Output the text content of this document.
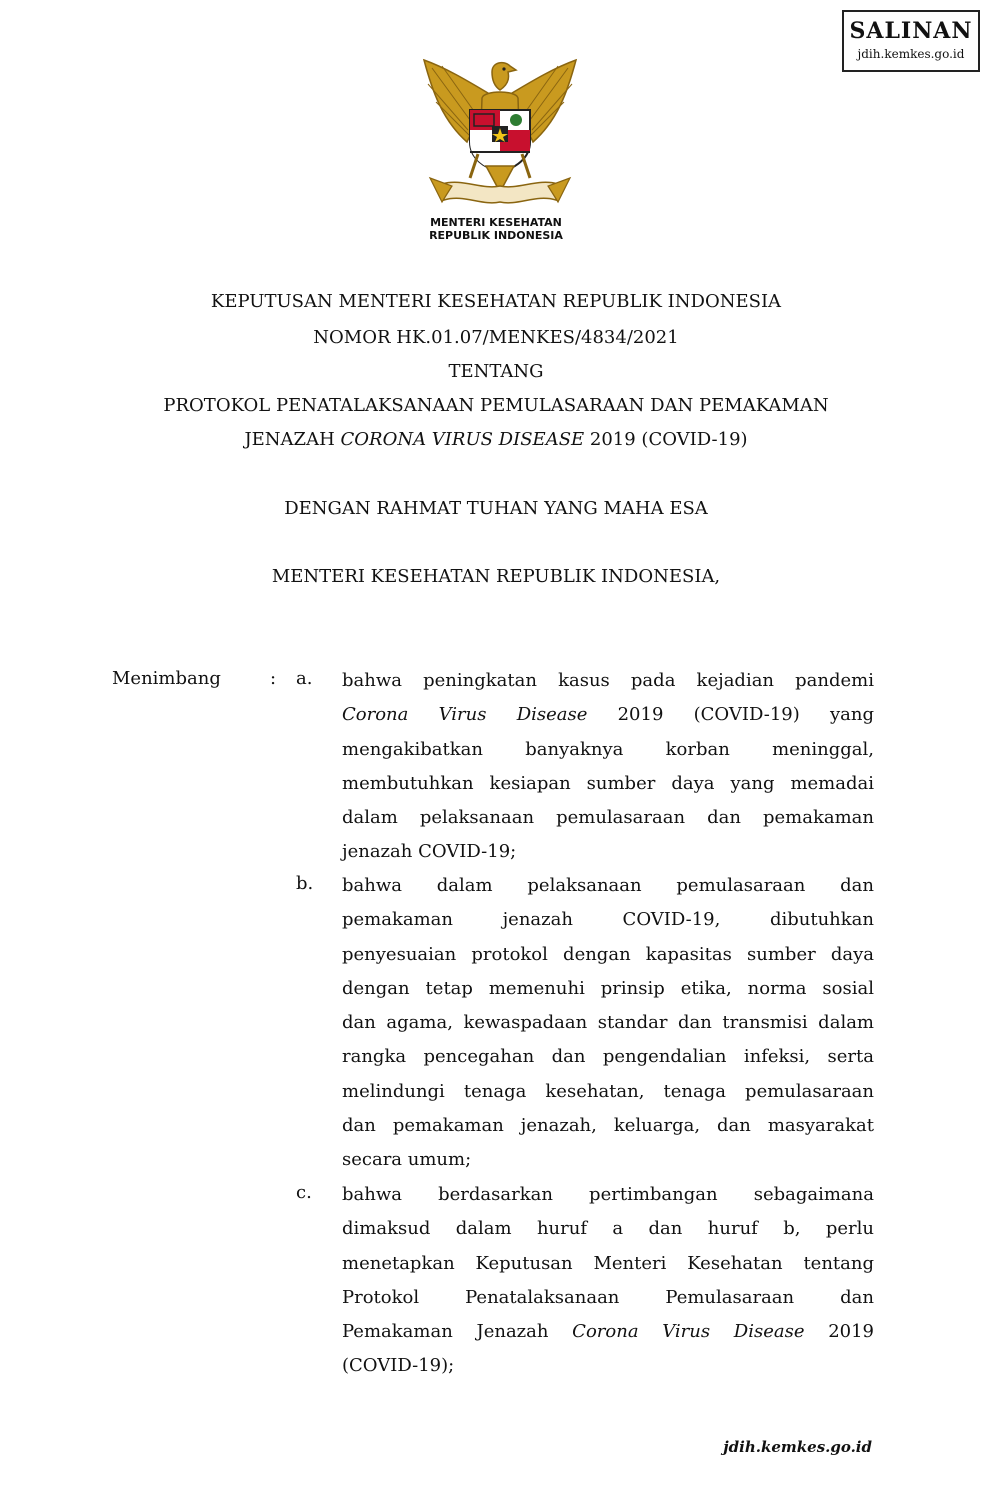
SALINAN
jdih.kemkes.go.id
MENTERI KESEHATAN
REPUBLIK INDONESIA
KEPUTUSAN MENTERI KESEHATAN REPUBLIK INDONESIA
NOMOR HK.01.07/MENKES/4834/2021
TENTANG
PROTOKOL PENATALAKSANAAN PEMULASARAAN DAN PEMAKAMAN
JENAZAH CORONA VIRUS DISEASE 2019 (COVID-19)
DENGAN RAHMAT TUHAN YANG MAHA ESA
MENTERI KESEHATAN REPUBLIK INDONESIA,
Menimbang	: a. bahwa peningkatan kasus pada kejadian pandemi
Corona Virus Disease 2019 (COVID-19) yang
mengakibatkan banyaknya korban meninggal,
membutuhkan kesiapan sumber daya yang memadai
dalam pelaksanaan pemulasaraan dan pemakaman
jenazah COVID-19;
b. bahwa dalam pelaksanaan pemulasaraan dan
pemakaman jenazah COVID-19, dibutuhkan
penyesuaian protokol dengan kapasitas sumber daya
dengan tetap memenuhi prinsip etika, norma sosial
dan agama, kewaspadaan standar dan transmisi dalam
rangka pencegahan dan pengendalian infeksi, serta
melindungi tenaga kesehatan, tenaga pemulasaraan
dan pemakaman jenazah, keluarga, dan masyarakat
secara umum;
c. bahwa berdasarkan pertimbangan sebagaimana
dimaksud dalam huruf a dan huruf b, perlu
menetapkan Keputusan Menteri Kesehatan tentang
Protokol Penatalaksanaan Pemulasaraan dan
Pemakaman Jenazah Corona Virus Disease 2019
(COVID-19);
jdih.kemkes.go.id
